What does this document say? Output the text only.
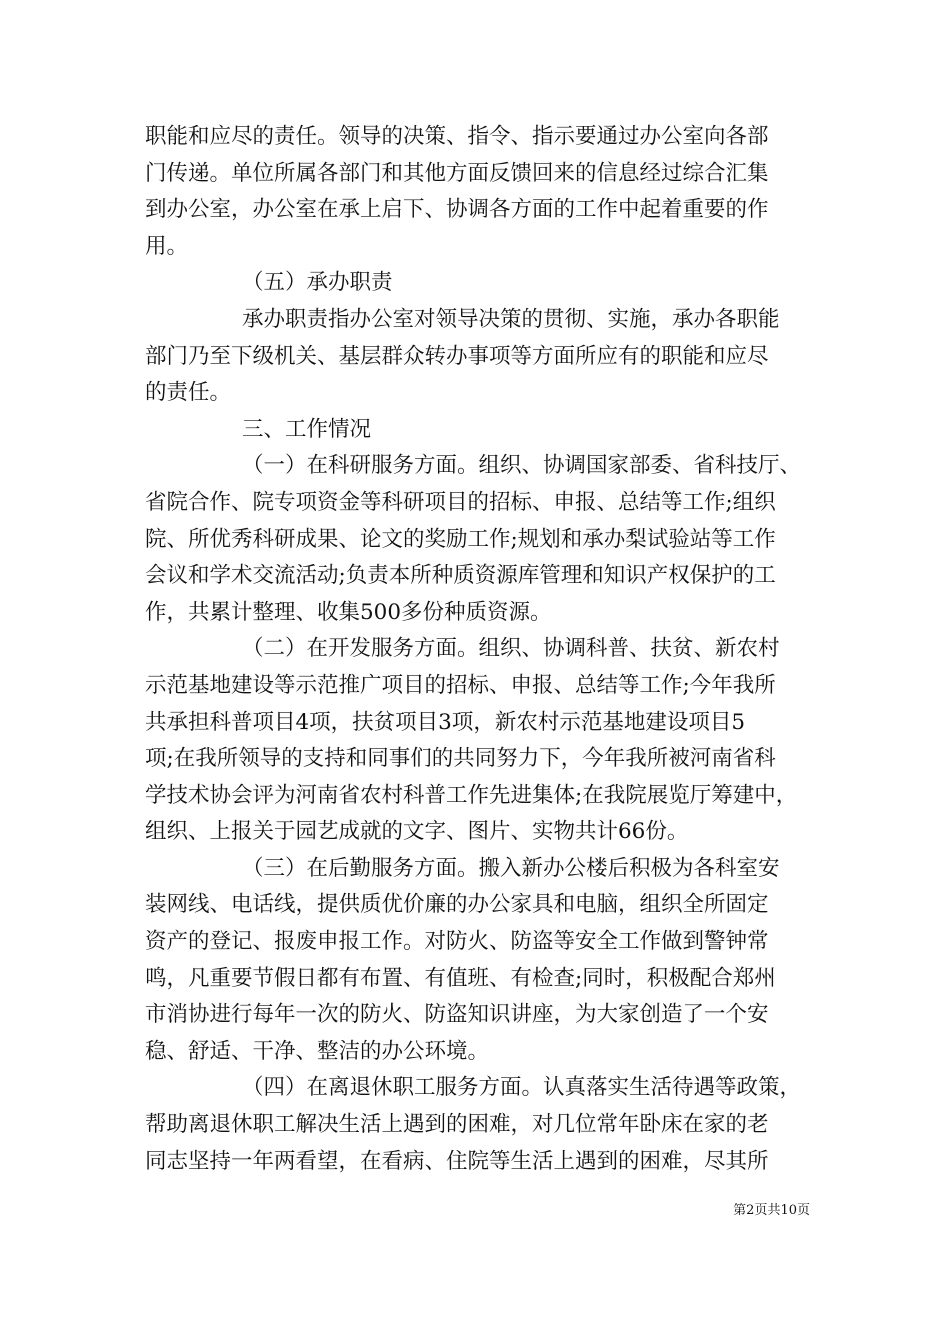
职能和应尽的责任。领导的决策、指令、指示要通过办公室向各部
门传递。单位所属各部门和其他方面反馈回来的信息经过综合汇集
到办公室，办公室在承上启下、协调各方面的工作中起着重要的作
用。
（五）承办职责
承办职责指办公室对领导决策的贯彻、实施，承办各职能
部门乃至下级机关、基层群众转办事项等方面所应有的职能和应尽
的责任。
三、工作情况
（一）在科研服务方面。组织、协调国家部委、省科技厅、
省院合作、院专项资金等科研项目的招标、申报、总结等工作;组织
院、所优秀科研成果、论文的奖励工作;规划和承办梨试验站等工作
会议和学术交流活动;负责本所种质资源库管理和知识产权保护的工
作，共累计整理、收集500多份种质资源。
（二）在开发服务方面。组织、协调科普、扶贫、新农村
示范基地建设等示范推广项目的招标、申报、总结等工作;今年我所
共承担科普项目4项，扶贫项目3项，新农村示范基地建设项目5
项;在我所领导的支持和同事们的共同努力下，今年我所被河南省科
学技术协会评为河南省农村科普工作先进集体;在我院展览厅筹建中，
组织、上报关于园艺成就的文字、图片、实物共计66份。
（三）在后勤服务方面。搬入新办公楼后积极为各科室安
装网线、电话线，提供质优价廉的办公家具和电脑，组织全所固定
资产的登记、报废申报工作。对防火、防盗等安全工作做到警钟常
鸣，凡重要节假日都有布置、有值班、有检查;同时，积极配合郑州
市消协进行每年一次的防火、防盗知识讲座，为大家创造了一个安
稳、舒适、干净、整洁的办公环境。
（四）在离退休职工服务方面。认真落实生活待遇等政策，
帮助离退休职工解决生活上遇到的困难，对几位常年卧床在家的老
同志坚持一年两看望，在看病、住院等生活上遇到的困难，尽其所
第2页共10页
